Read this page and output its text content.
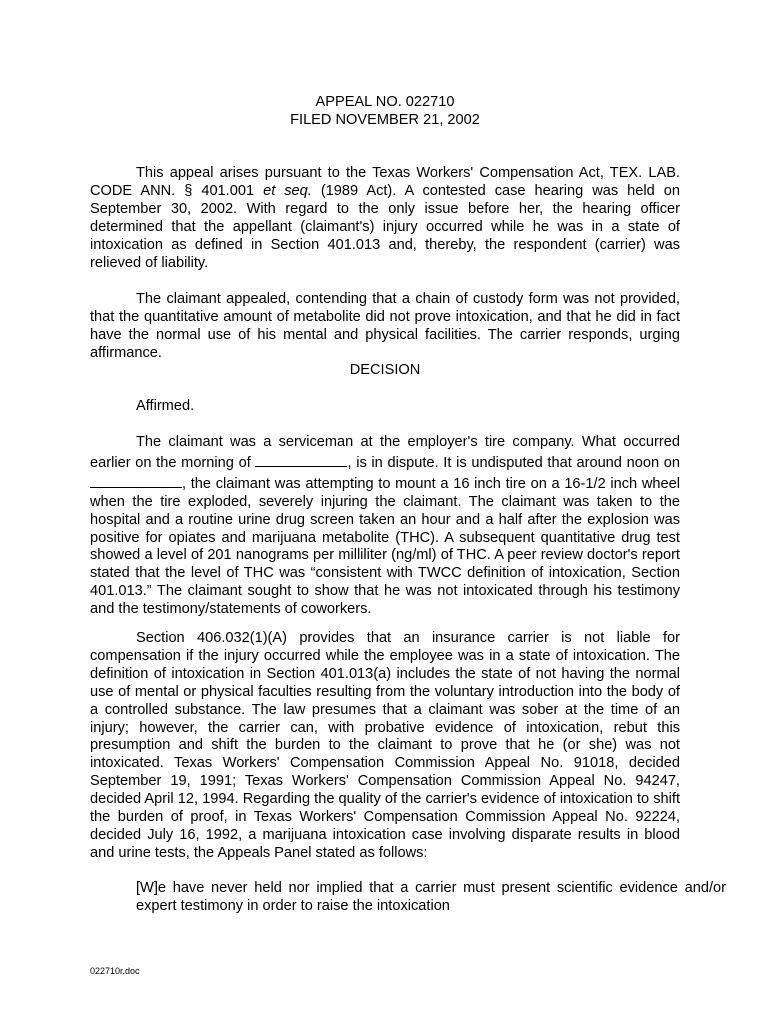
APPEAL NO. 022710
FILED NOVEMBER 21, 2002

This appeal arises pursuant to the Texas Workers' Compensation Act, TEX. LAB. CODE ANN. § 401.001 et seq. (1989 Act). A contested case hearing was held on September 30, 2002. With regard to the only issue before her, the hearing officer determined that the appellant (claimant's) injury occurred while he was in a state of intoxication as defined in Section 401.013 and, thereby, the respondent (carrier) was relieved of liability.

The claimant appealed, contending that a chain of custody form was not provided, that the quantitative amount of metabolite did not prove intoxication, and that he did in fact have the normal use of his mental and physical facilities. The carrier responds, urging affirmance.

DECISION

Affirmed.

The claimant was a serviceman at the employer's tire company. What occurred earlier on the morning of	, is in dispute. It is undisputed that around noon on , the claimant was attempting to mount a 16 inch tire on a 16-1/2 inch wheel when the tire exploded, severely injuring the claimant. The claimant was taken to the hospital and a routine urine drug screen taken an hour and a half after the explosion was positive for opiates and marijuana metabolite (THC). A subsequent quantitative drug test showed a level of 201 nanograms per milliliter (ng/ml) of THC. A peer review doctor's report stated that the level of THC was “consistent with TWCC definition of intoxication, Section 401.013.” The claimant sought to show that he was not intoxicated through his testimony and the testimony/statements of coworkers.

Section 406.032(1)(A) provides that an insurance carrier is not liable for compensation if the injury occurred while the employee was in a state of intoxication. The definition of intoxication in Section 401.013(a) includes the state of not having the normal use of mental or physical faculties resulting from the voluntary introduction into the body of a controlled substance. The law presumes that a claimant was sober at the time of an injury; however, the carrier can, with probative evidence of intoxication, rebut this presumption and shift the burden to the claimant to prove that he (or she) was not intoxicated. Texas Workers' Compensation Commission Appeal No. 91018, decided September 19, 1991; Texas Workers' Compensation Commission Appeal No. 94247, decided April 12, 1994. Regarding the quality of the carrier's evidence of intoxication to shift the burden of proof, in Texas Workers' Compensation Commission Appeal No. 92224, decided July 16, 1992, a marijuana intoxication case involving disparate results in blood and urine tests, the Appeals Panel stated as follows:

[W]e have never held nor implied that a carrier must present scientific evidence and/or expert testimony in order to raise the intoxication

022710r.doc
